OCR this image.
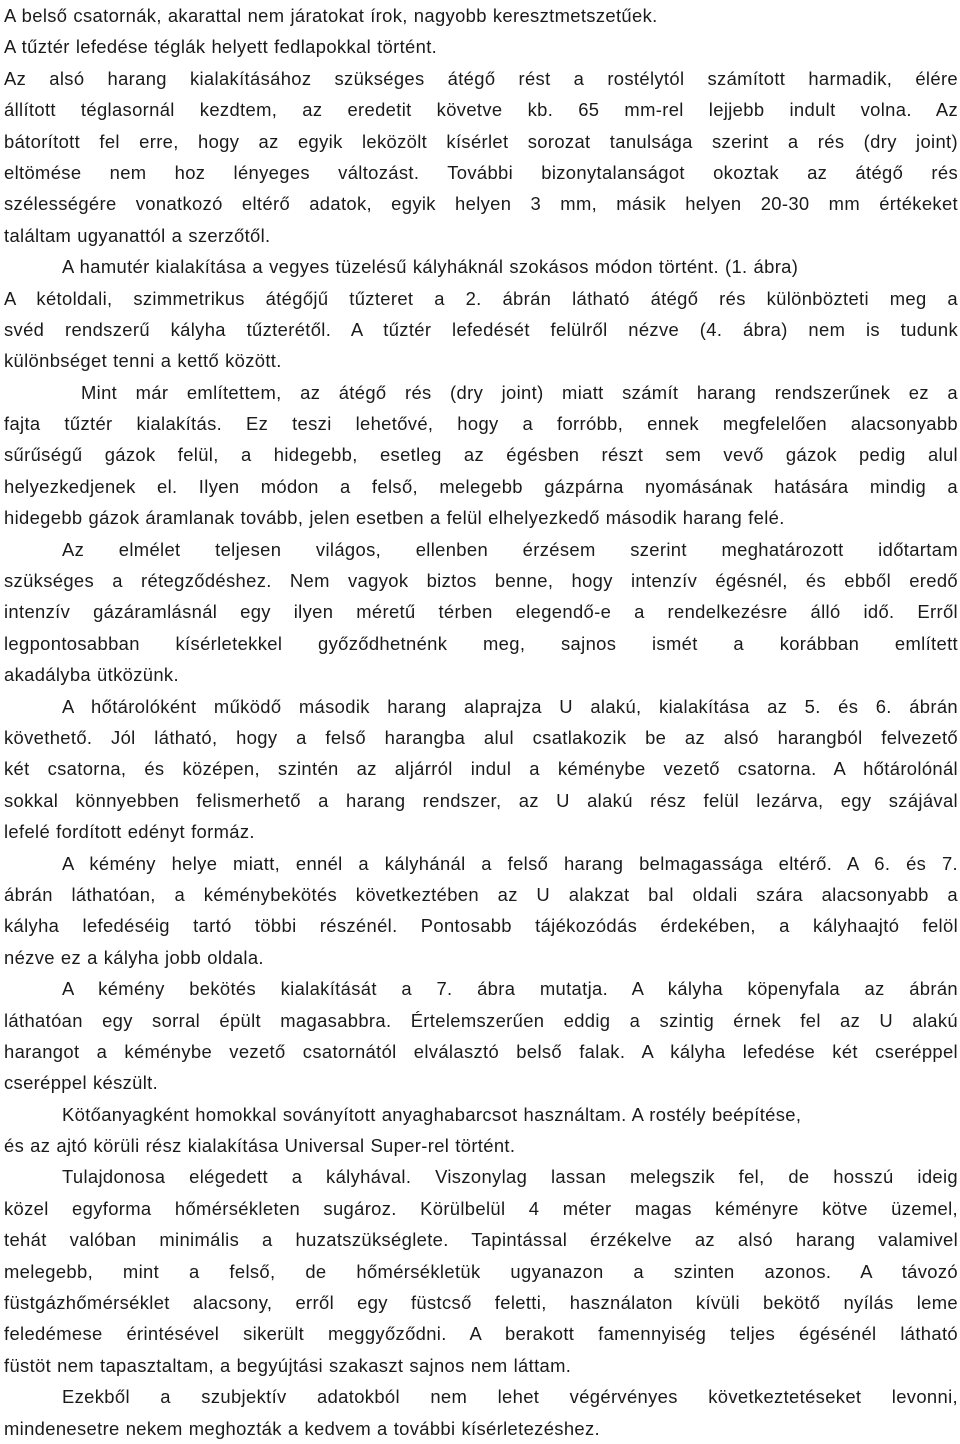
A belső csatornák, akarattal nem járatokat írok, nagyobb keresztmetszetűek.
A tűztér lefedése téglák helyett fedlapokkal történt.
Az alsó harang kialakításához szükséges átégő rést a rostélytól számított harmadik, élére
állított téglasornál kezdtem, az eredetit követve kb. 65 mm-rel lejjebb indult volna. Az
bátorított fel erre, hogy az egyik leközölt kísérlet sorozat tanulsága szerint a rés (dry joint)
eltömése nem hoz lényeges változást. További bizonytalanságot okoztak az átégő rés
szélességére vonatkozó eltérő adatok, egyik helyen 3 mm, másik helyen 20-30 mm értékeket
találtam ugyanattól a szerzőtől.
A hamutér kialakítása a vegyes tüzelésű kályháknál szokásos módon történt. (1. ábra)
A kétoldali, szimmetrikus átégőjű tűzteret a 2. ábrán látható átégő rés különbözteti meg a
svéd rendszerű kályha tűzterétől. A tűztér lefedését felülről nézve (4. ábra) nem is tudunk
különbséget tenni a kettő között.
Mint már említettem, az átégő rés (dry joint) miatt számít harang rendszerűnek ez a
fajta tűztér kialakítás. Ez teszi lehetővé, hogy a forróbb, ennek megfelelően alacsonyabb
sűrűségű gázok felül, a hidegebb, esetleg az égésben részt sem vevő gázok pedig alul
helyezkedjenek el. Ilyen módon a felső, melegebb gázpárna nyomásának hatására mindig a
hidegebb gázok áramlanak tovább, jelen esetben a felül elhelyezkedő második harang felé.
Az elmélet teljesen világos, ellenben érzésem szerint meghatározott időtartam
szükséges a rétegződéshez. Nem vagyok biztos benne, hogy intenzív égésnél, és ebből eredő
intenzív gázáramlásnál egy ilyen méretű térben elegendő-e a rendelkezésre álló idő. Erről
legpontosabban kísérletekkel győződhetnénk meg, sajnos ismét a korábban említett
akadályba ütközünk.
A hőtárolóként működő második harang alaprajza U alakú, kialakítása az 5. és 6. ábrán
követhető. Jól látható, hogy a felső harangba alul csatlakozik be az alsó harangból felvezető
két csatorna, és középen, szintén az aljárról indul a kéménybe vezető csatorna. A hőtárolónál
sokkal könnyebben felismerhető a harang rendszer, az U alakú rész felül lezárva, egy szájával
lefelé fordított edényt formáz.
A kémény helye miatt, ennél a kályhánál a felső harang belmagassága eltérő. A 6. és 7.
ábrán láthatóan, a kéménybekötés következtében az U alakzat bal oldali szára alacsonyabb a
kályha lefedéséig tartó többi részénél. Pontosabb tájékozódás érdekében, a kályhaajtó felöl
nézve ez a kályha jobb oldala.
A kémény bekötés kialakítását a 7. ábra mutatja. A kályha köpenyfala az ábrán
láthatóan egy sorral épült magasabbra. Értelemszerűen eddig a szintig érnek fel az U alakú
harangot a kéménybe vezető csatornától elválasztó belső falak. A kályha lefedése két cseréppel
cseréppel készült.
Kötőanyagként homokkal soványított anyaghabarcsot használtam. A rostély beépítése,
és az ajtó körüli rész kialakítása Universal Super-rel történt.
Tulajdonosa elégedett a kályhával. Viszonylag lassan melegszik fel, de hosszú ideig
közel egyforma hőmérsékleten sugároz. Körülbelül 4 méter magas kéményre kötve üzemel,
tehát valóban minimális a huzatszükséglete. Tapintással érzékelve az alsó harang valamivel
melegebb, mint a felső, de hőmérsékletük ugyanazon a szinten azonos. A távozó
füstgázhőmérséklet alacsony, erről egy füstcső feletti, használaton kívüli bekötő nyílás leme
feledémese érintésével sikerült meggyőződni. A berakott famennyiség teljes égésénél látható
füstöt nem tapasztaltam, a begyújtási szakaszt sajnos nem láttam.
Ezekből a szubjektív adatokból nem lehet végérvényes következtetéseket levonni,
mindenesetre nekem meghozták a kedvem a további kísérletezéshez.
